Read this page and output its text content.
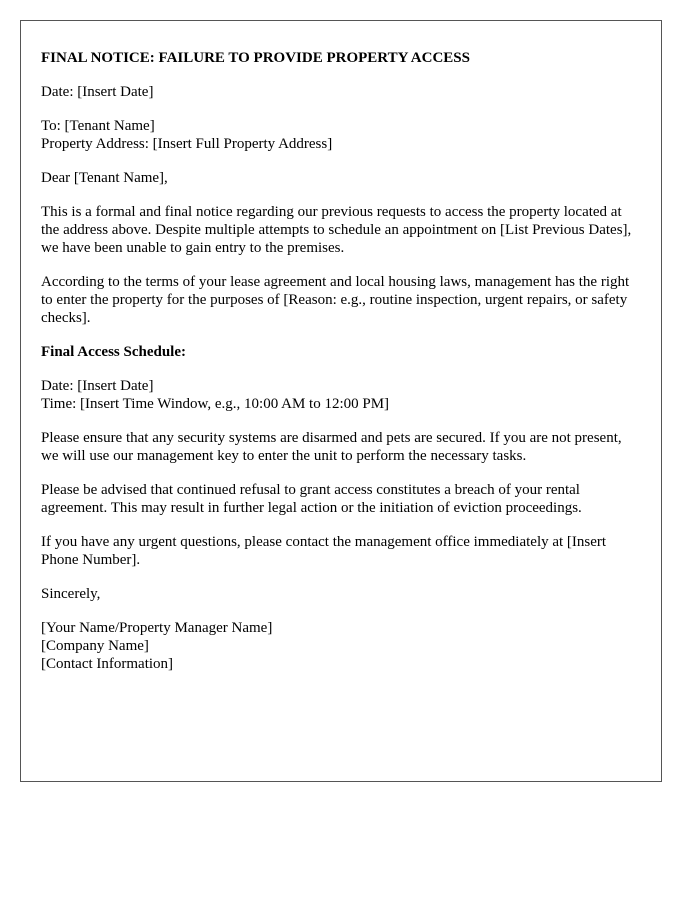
FINAL NOTICE: FAILURE TO PROVIDE PROPERTY ACCESS

Date: [Insert Date]

To: [Tenant Name]
Property Address: [Insert Full Property Address]

Dear [Tenant Name],

This is a formal and final notice regarding our previous requests to access the property located at the address above. Despite multiple attempts to schedule an appointment on [List Previous Dates], we have been unable to gain entry to the premises.

According to the terms of your lease agreement and local housing laws, management has the right to enter the property for the purposes of [Reason: e.g., routine inspection, urgent repairs, or safety checks].

Final Access Schedule:

Date: [Insert Date]
Time: [Insert Time Window, e.g., 10:00 AM to 12:00 PM]

Please ensure that any security systems are disarmed and pets are secured. If you are not present, we will use our management key to enter the unit to perform the necessary tasks.

Please be advised that continued refusal to grant access constitutes a breach of your rental agreement. This may result in further legal action or the initiation of eviction proceedings.

If you have any urgent questions, please contact the management office immediately at [Insert Phone Number].

Sincerely,

[Your Name/Property Manager Name]
[Company Name]
[Contact Information]
